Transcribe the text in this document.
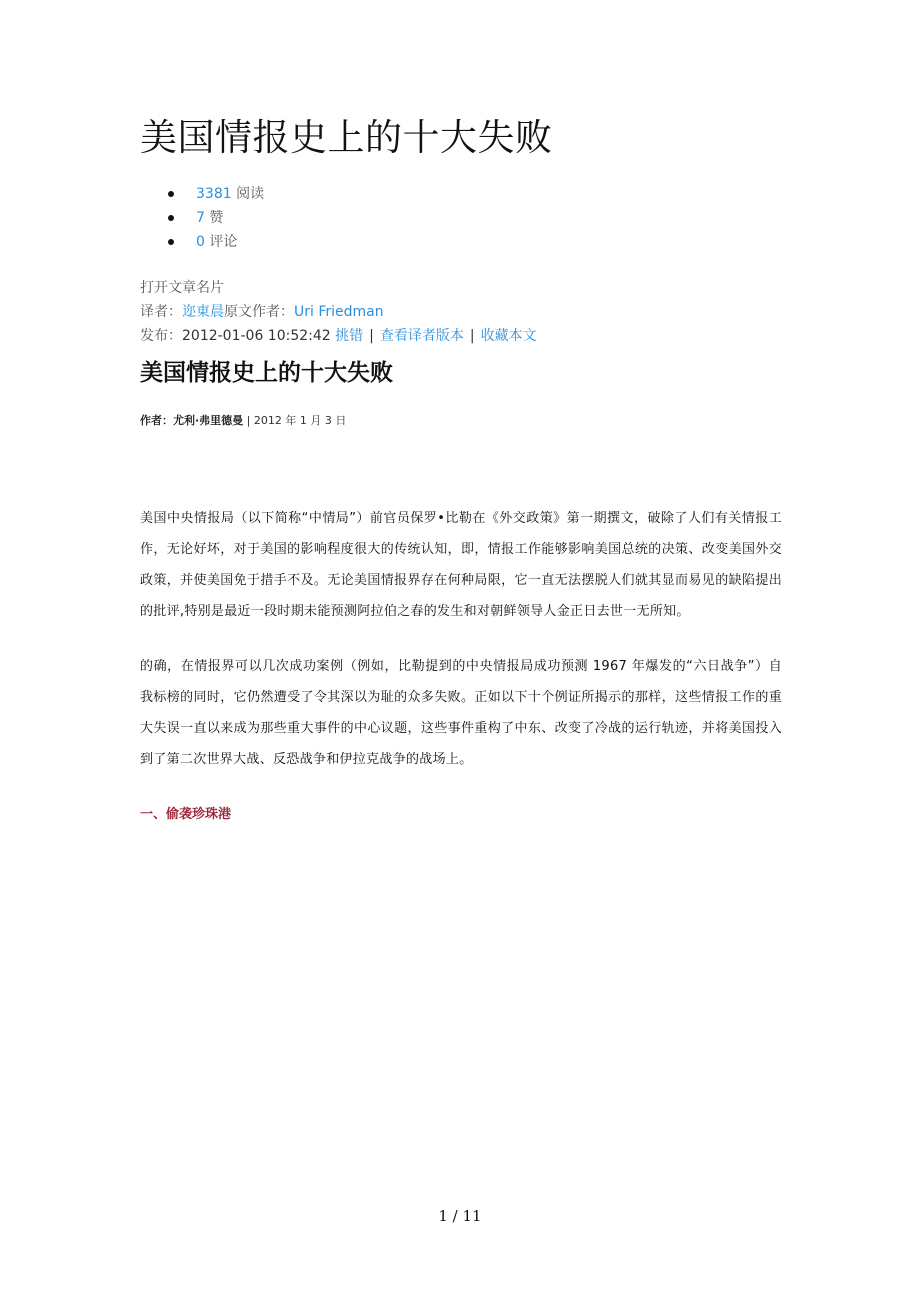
美国情报史上的十大失败
3381 阅读
7 赞
0 评论
打开文章名片
译者：迩東晨原文作者：Uri Friedman
发布：2012-01-06 10:52:42 挑错 | 查看译者版本 | 收藏本文
美国情报史上的十大失败
作者：尤利·弗里德曼 | 2012 年 1 月 3 日

美国中央情报局（以下简称“中情局”）前官员保罗•比勒在《外交政策》第一期撰文，破除了人们有关情报工作，无论好坏，对于美国的影响程度很大的传统认知，即，情报工作能够影响美国总统的决策、改变美国外交政策，并使美国免于措手不及。无论美国情报界存在何种局限，它一直无法摆脱人们就其显而易见的缺陷提出的批评,特别是最近一段时期未能预测阿拉伯之春的发生和对朝鲜领导人金正日去世一无所知。

的确，在情报界可以几次成功案例（例如，比勒提到的中央情报局成功预测 1967 年爆发的“六日战争”）自我标榜的同时，它仍然遭受了令其深以为耻的众多失败。正如以下十个例证所揭示的那样，这些情报工作的重大失误一直以来成为那些重大事件的中心议题，这些事件重构了中东、改变了冷战的运行轨迹，并将美国投入到了第二次世界大战、反恐战争和伊拉克战争的战场上。

一、偷袭珍珠港
1 / 11
